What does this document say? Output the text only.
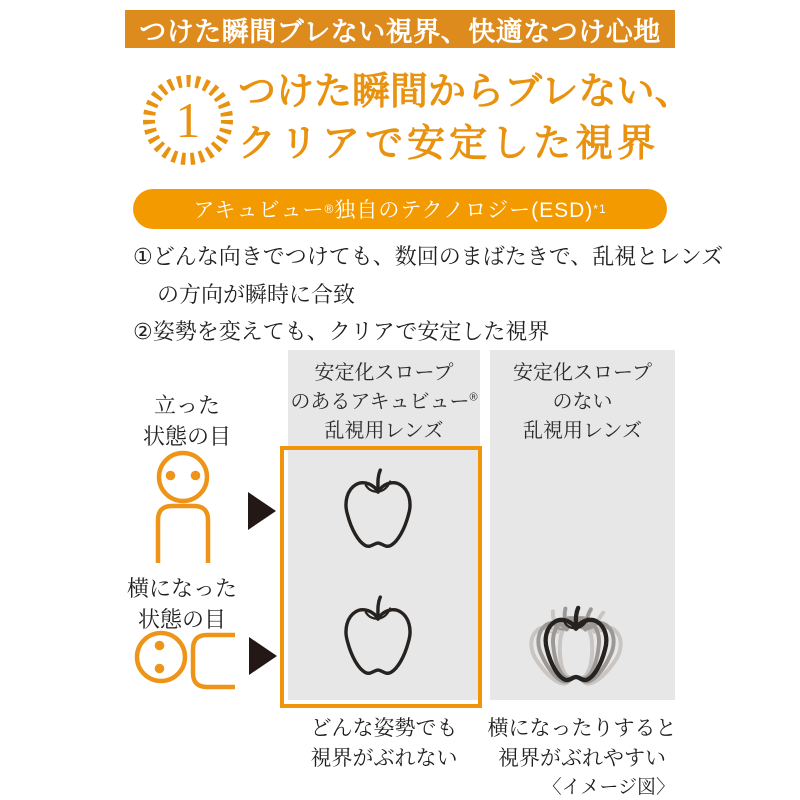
つけた瞬間ブレない視界、快適なつけ心地
1 つけた瞬間からブレない、
クリアで安定した視界
アキュビュー ® 独自のテクノロジー(ESD) *1
①どんな向きでつけても、数回のまばたきで、乱視とレンズ
の方向が瞬時に合致
②姿勢を変えても、クリアで安定した視界
安定化スロープ
のあるアキュビュー®
乱視用レンズ
安定化スロープ
のない
乱視用レンズ
立った
状態の目
横になった
状態の目
どんな姿勢でも
視界がぶれない
横になったりすると
視界がぶれやすい
〈イメージ図〉
